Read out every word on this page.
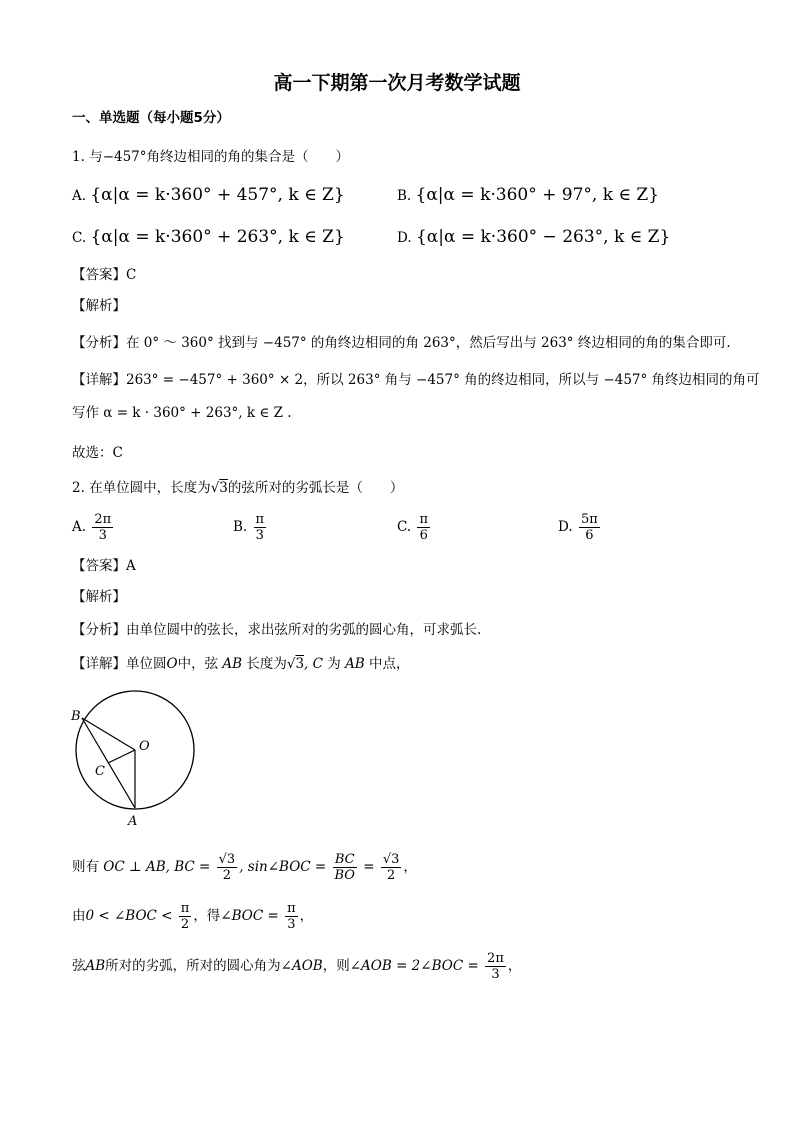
高一下期第一次月考数学试题
一、单选题（每小题5分）
1. 与−457°角终边相同的角的集合是（　　）
A. {α|α = k·360° + 457°, k ∈ Z}	B. {α|α = k·360° + 97°, k ∈ Z}
C. {α|α = k·360° + 263°, k ∈ Z}	D. {α|α = k·360° − 263°, k ∈ Z}
【答案】C
【解析】
【分析】在 0° ～ 360° 找到与 −457° 的角终边相同的角 263°，然后写出与 263° 终边相同的角的集合即可.
【详解】263° = −457° + 360° × 2，所以 263° 角与 −457° 角的终边相同，所以与 −457° 角终边相同的角可
写作 α = k · 360° + 263°, k ∈ Z .
故选：C
2. 在单位圆中，长度为√3的弦所对的劣弧长是（　　）
A. $\frac{2\pi}{3}$	B. $\frac{\pi}{3}$	C. $\frac{\pi}{6}$	D. $\frac{5\pi}{6}$
【答案】A
【解析】
【分析】由单位圆中的弦长，求出弦所对的劣弧的圆心角，可求弧长.
【详解】单位圆O中，弦 AB 长度为√3, C 为 AB 中点，
B
O
C
A
则有 OC ⊥ AB, BC = $\frac{√3}{2}$ , sin∠BOC = $\frac{BC}{BO} = \frac{√3}{2}$ ，
由0 < ∠BOC < $\frac{\pi}{2}$ ，得∠BOC = $\frac{\pi}{3}$ ，
弦AB所对的劣弧，所对的圆心角为∠AOB，则∠AOB = 2∠BOC = $\frac{2\pi}{3}$ ，
